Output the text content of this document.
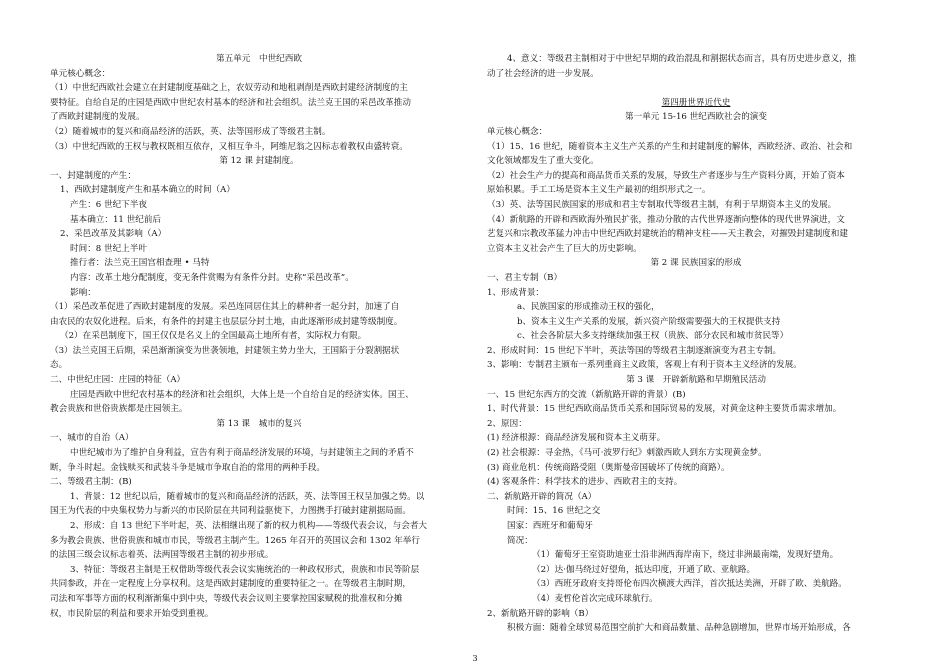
第五单元　中世纪西欧
单元核心概念：
（1）中世纪西欧社会建立在封建制度基础之上，农奴劳动和地租剥削是西欧封建经济制度的主
要特征。自给自足的庄园是西欧中世纪农村基本的经济和社会组织。法兰克王国的采邑改革推动
了西欧封建制度的发展。
（2）随着城市的复兴和商品经济的活跃，英、法等国形成了等级君主制。
（3）中世纪西欧的王权与教权既相互依存，又相互争斗，阿维尼翁之囚标志着教权由盛转衰。
第 12 课 封建制度。
一、封建制度的产生：
1、西欧封建制度产生和基本确立的时间（A）
产生：6 世纪下半夜
基本确立：11 世纪前后
2、采邑改革及其影响（A）
时间：8 世纪上半叶
推行者：法兰克王国宫相查理 • 马特
内容：改革土地分配制度，变无条件赏赐为有条件分封。史称“采邑改革”。
影响：
（1）采邑改革促进了西欧封建制度的发展。采邑连同居住其上的耕种者一起分封，加速了自
由农民的农奴化进程。后来，有条件的封建主也层层分封土地，由此逐渐形成封建等级制度。
（2）在采邑制度下，国王仅仅是名义上的全国最高土地所有者，实际权力有限。
（3）法兰克国王后期，采邑渐渐演变为世袭领地，封建领主势力坐大，王国陷于分裂割据状
态。
二、中世纪庄园：庄园的特征（A）
庄园是西欧中世纪农村基本的经济和社会组织，大体上是一个自给自足的经济实体。国王、
教会贵族和世俗贵族都是庄园领主。
第 13 课　城市的复兴
一、城市的自治（A）
中世纪城市为了维护自身利益，宣告有利于商品经济发展的环境，与封建领主之间的矛盾不
断，争斗时起。金钱赎买和武装斗争是城市争取自治的常用的两种手段。
二、等级君主制：(B)
1、背景：12 世纪以后，随着城市的复兴和商品经济的活跃，英、法等国王权呈加强之势。以
国王为代表的中央集权势力与新兴的市民阶层在共同利益驱使下，力图携手打破封建割据局面。
2、形成：自 13 世纪下半叶起，英、法相继出现了新的权力机构——等级代表会议，与会者大
多为教会贵族、世俗贵族和城市市民，等级君主制产生。1265 年召开的英国议会和 1302 年举行
的法国三级会议标志着英、法两国等级君主制的初步形成。
3、特征：等级君主制是王权借助等级代表会议实施统治的一种政权形式，贵族和市民等阶层
共同参政，并在一定程度上分享权利。这是西欧封建制度的重要特征之一。在等级君主制时期，
司法和军事等方面的权利渐渐集中到中央，等级代表会议则主要掌控国家赋税的批准权和分摊
权，市民阶层的利益和要求开始受到重视。
4、意义：等级君主制相对于中世纪早期的政治混乱和割据状态而言，具有历史进步意义，推
动了社会经济的进一步发展。

第四册世界近代史
第一单元 15-16 世纪西欧社会的演变
单元核心概念：
（1）15、16 世纪，随着资本主义生产关系的产生和封建制度的解体，西欧经济、政治、社会和
文化领域都发生了重大变化。
（2）社会生产力的提高和商品货币关系的发展，导致生产者逐步与生产资料分离，开始了资本
原始积累。手工工场是资本主义生产最初的组织形式之一。
（3）英、法等国民族国家的形成和君主专制取代等级君主制，有利于早期资本主义的发展。
（4）新航路的开辟和西欧海外殖民扩张，推动分散的古代世界逐渐向整体的现代世界演进，文
艺复兴和宗教改革猛力冲击中世纪西欧封建统治的精神支柱——天主教会，对摧毁封建制度和建
立资本主义社会产生了巨大的历史影响。
第 2 课 民族国家的形成
一、君主专制（B）
1、形成背景：
a、民族国家的形成推动王权的强化，
b、资本主义生产关系的发展，新兴资产阶级需要强大的王权提供支持
c、社会各阶层大多支持继续加强王权（贵族、部分农民和城市贫民等）
2、形成时间：15 世纪下半叶，英法等国的等级君主制逐渐演变为君主专制。
3、影响：专制君主颁布一系列重商主义政策，客观上有利于资本主义经济的发展。
第 3 课　开辟新航路和早期殖民活动
一、15 世纪东西方的交流（新航路开辟的背景）(B)
1、时代背景：15 世纪西欧商品货币关系和国际贸易的发展，对黄金这种主要货币需求增加。
2、原因：
(1) 经济根源：商品经济发展和资本主义萌芽。
(2) 社会根源：寻金热，《马可·波罗行纪》刺激西欧人到东方实现黄金梦。
(3) 商业危机：传统商路受阻（奥斯曼帝国破坏了传统的商路）。
(4) 客观条件：科学技术的进步、西欧君主的支持。
二、新航路开辟的简况（A）
时间：15、16 世纪之交
国家：西班牙和葡萄牙
简况：
（1）葡萄牙王室资助迪亚士沿非洲西海岸南下，绕过非洲最南端，发现好望角。
（2）达·伽马绕过好望角，抵达印度，开通了欧、亚航路。
（3）西班牙政府支持哥伦布四次横渡大西洋，首次抵达美洲，开辟了欧、美航路。
（4）麦哲伦首次完成环球航行。
2、新航路开辟的影响（B）
积极方面：随着全球贸易范围空前扩大和商品数量、品种急剧增加，世界市场开始形成，各
3
